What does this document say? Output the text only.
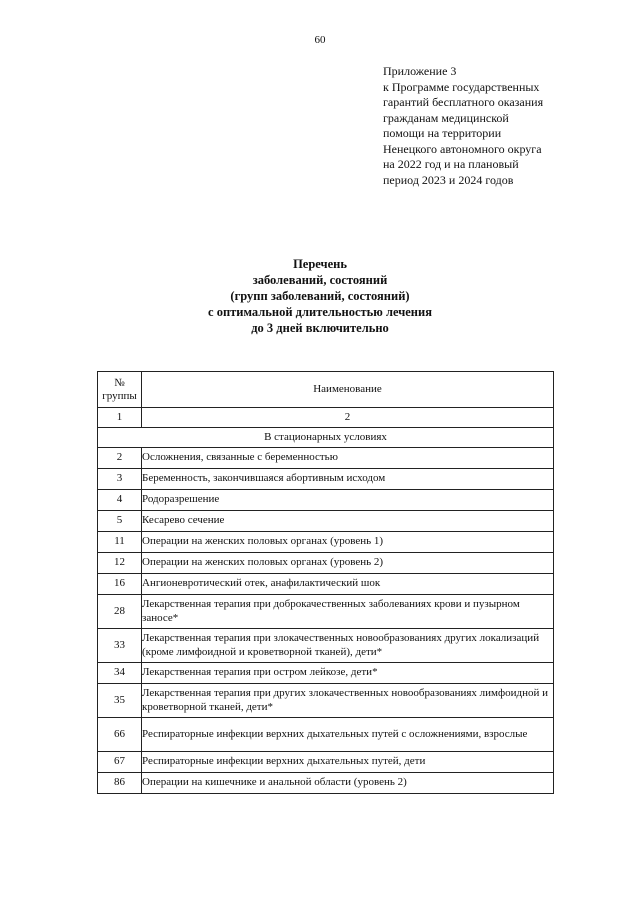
60
Приложение 3
к Программе государственных
гарантий бесплатного оказания
гражданам медицинской
помощи на территории
Ненецкого автономного округа
на 2022 год и на плановый
период 2023 и 2024 годов
Перечень
заболеваний, состояний
(групп заболеваний, состояний)
с оптимальной длительностью лечения
до 3 дней включительно
№
группы	Наименование
1	2
В стационарных условиях	
2	Осложнения, связанные с беременностью
3	Беременность, закончившаяся абортивным исходом
4	Родоразрешение
5	Кесарево сечение
11	Операции на женских половых органах (уровень 1)
12	Операции на женских половых органах (уровень 2)
16	Ангионевротический отек, анафилактический шок
28	Лекарственная терапия при доброкачественных заболеваниях крови и пузырном заносе*
33	Лекарственная терапия при злокачественных новообразованиях других локализаций (кроме лимфоидной и кроветворной тканей), дети*
34	Лекарственная терапия при остром лейкозе, дети*
35	Лекарственная терапия при других злокачественных новообразованиях лимфоидной и кроветворной тканей, дети*
66	Респираторные инфекции верхних дыхательных путей с осложнениями, взрослые
67	Респираторные инфекции верхних дыхательных путей, дети
86	Операции на кишечнике и анальной области (уровень 2)
